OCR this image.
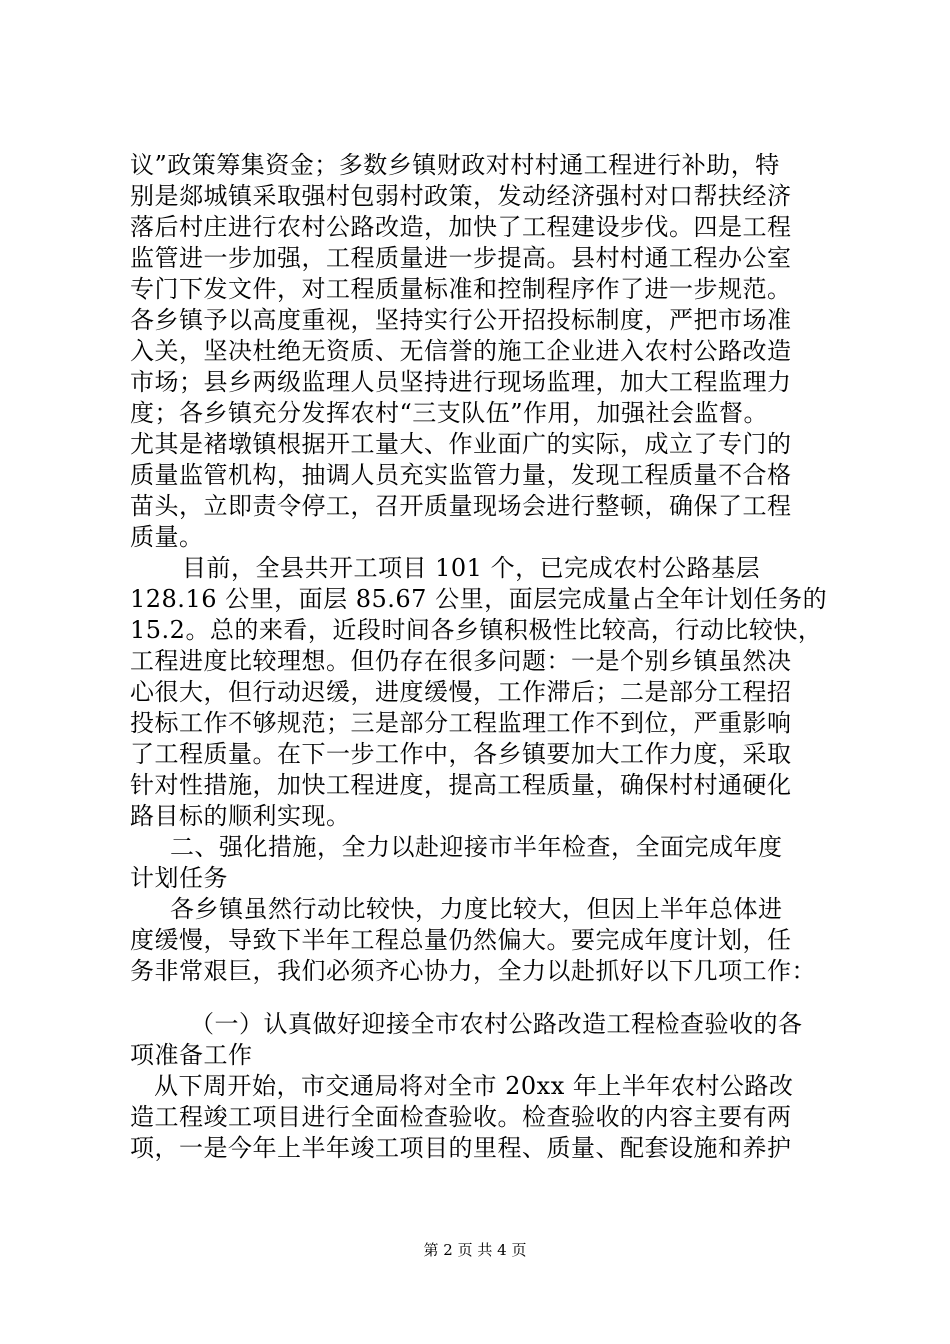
议”政策筹集资金；多数乡镇财政对村村通工程进行补助，特
别是郯城镇采取强村包弱村政策，发动经济强村对口帮扶经济
落后村庄进行农村公路改造，加快了工程建设步伐。四是工程
监管进一步加强，工程质量进一步提高。县村村通工程办公室
专门下发文件，对工程质量标准和控制程序作了进一步规范。
各乡镇予以高度重视，坚持实行公开招投标制度，严把市场准
入关，坚决杜绝无资质、无信誉的施工企业进入农村公路改造
市场；县乡两级监理人员坚持进行现场监理，加大工程监理力
度；各乡镇充分发挥农村“三支队伍”作用，加强社会监督。
尤其是褚墩镇根据开工量大、作业面广的实际，成立了专门的
质量监管机构，抽调人员充实监管力量，发现工程质量不合格
苗头，立即责令停工，召开质量现场会进行整顿，确保了工程
质量。
目前，全县共开工项目 101 个，已完成农村公路基层
128.16 公里，面层 85.67 公里，面层完成量占全年计划任务的
15.2。总的来看，近段时间各乡镇积极性比较高，行动比较快，
工程进度比较理想。但仍存在很多问题：一是个别乡镇虽然决
心很大，但行动迟缓，进度缓慢，工作滞后；二是部分工程招
投标工作不够规范；三是部分工程监理工作不到位，严重影响
了工程质量。在下一步工作中，各乡镇要加大工作力度，采取
针对性措施，加快工程进度，提高工程质量，确保村村通硬化
路目标的顺利实现。
二、强化措施，全力以赴迎接市半年检查，全面完成年度
计划任务
各乡镇虽然行动比较快，力度比较大，但因上半年总体进
度缓慢，导致下半年工程总量仍然偏大。要完成年度计划，任
务非常艰巨，我们必须齐心协力，全力以赴抓好以下几项工作：
（一）认真做好迎接全市农村公路改造工程检查验收的各
项准备工作
从下周开始，市交通局将对全市 20xx 年上半年农村公路改
造工程竣工项目进行全面检查验收。检查验收的内容主要有两
项，一是今年上半年竣工项目的里程、质量、配套设施和养护
第 2 页 共 4 页
